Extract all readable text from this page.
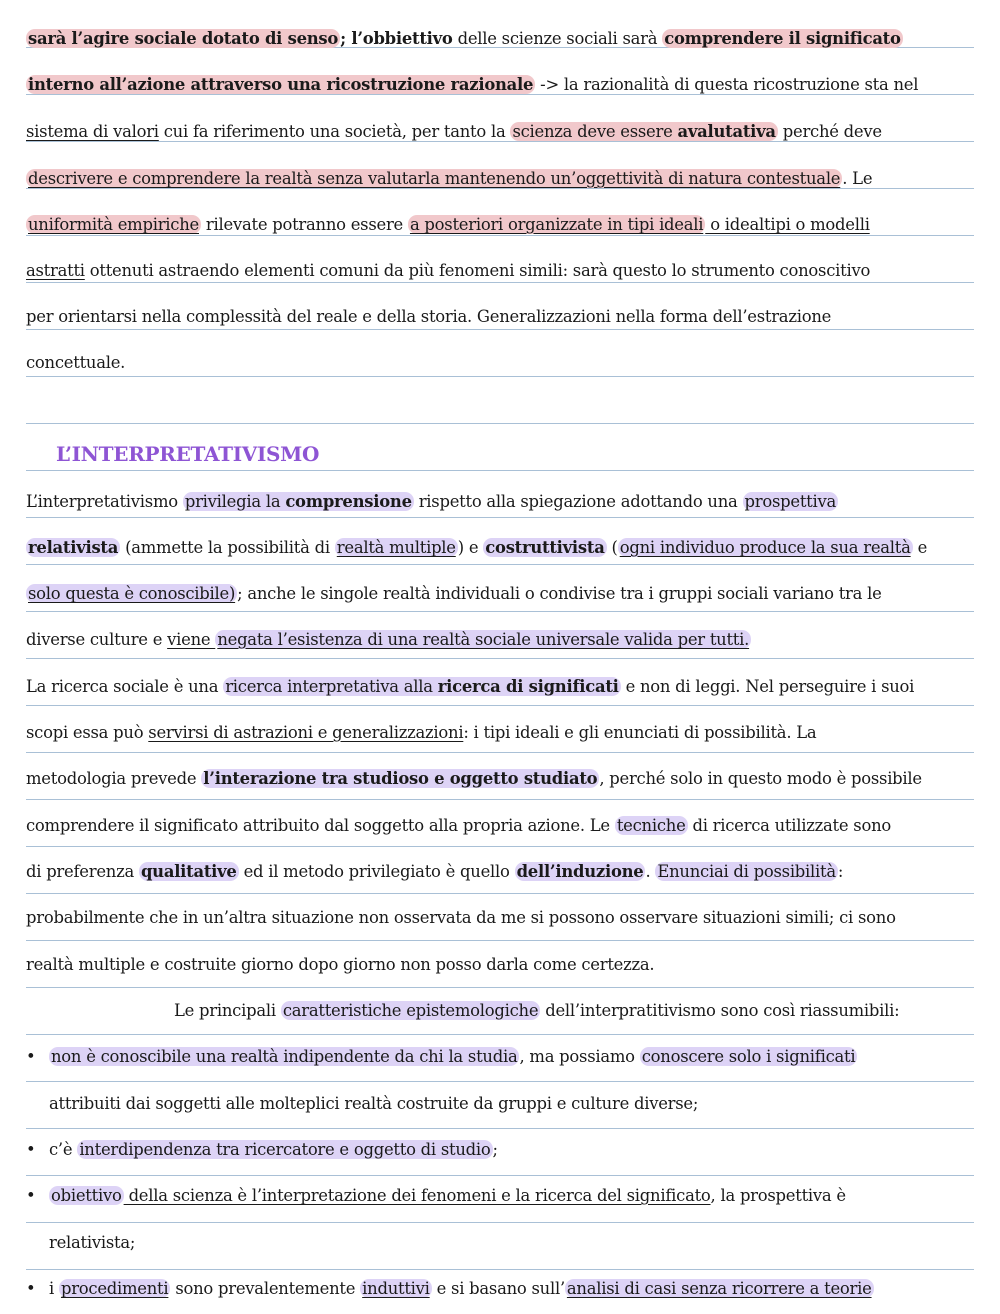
sarà l’agire sociale dotato di senso ; l’obbiettivo delle scienze sociali sarà comprendere il significato
interno all’azione attraverso una ricostruzione razionale -> la razionalità di questa ricostruzione sta nel
sistema di valori cui fa riferimento una società, per tanto la scienza deve essere avalutativa perché deve
descrivere e comprendere la realtà senza valutarla mantenendo un’oggettività di natura contestuale . Le
uniformità empiriche rilevate potranno essere a posteriori organizzate in tipi ideali o idealtipi o modelli
astratti ottenuti astraendo elementi comuni da più fenomeni simili: sarà questo lo strumento conoscitivo
per orientarsi nella complessità del reale e della storia. Generalizzazioni nella forma dell’estrazione
concettuale.
L’INTERPRETATIVISMO
L’interpretativismo privilegia la comprensione rispetto alla spiegazione adottando una prospettiva
relativista (ammette la possibilità di realtà multiple ) e costruttivista ( ogni individuo produce la sua realtà e
solo questa è conoscibile) ; anche le singole realtà individuali o condivise tra i gruppi sociali variano tra le
diverse culture e viene negata l’esistenza di una realtà sociale universale valida per tutti.
La ricerca sociale è una ricerca interpretativa alla ricerca di significati e non di leggi. Nel perseguire i suoi
scopi essa può servirsi di astrazioni e generalizzazioni: i tipi ideali e gli enunciati di possibilità. La
metodologia prevede l’interazione tra studioso e oggetto studiato , perché solo in questo modo è possibile
comprendere il significato attribuito dal soggetto alla propria azione. Le tecniche di ricerca utilizzate sono
di preferenza qualitative ed il metodo privilegiato è quello dell’induzione . Enunciai di possibilità :
probabilmente che in un’altra situazione non osservata da me si possono osservare situazioni simili; ci sono
realtà multiple e costruite giorno dopo giorno non posso darla come certezza.
Le principali caratteristiche epistemologiche dell’interpratitivismo sono così riassumibili:
• non è conoscibile una realtà indipendente da chi la studia , ma possiamo conoscere solo i significati
attribuiti dai soggetti alle molteplici realtà costruite da gruppi e culture diverse;
• c’è interdipendenza tra ricercatore e oggetto di studio ;
• obiettivo della scienza è l’interpretazione dei fenomeni e la ricerca del significato, la prospettiva è
relativista;
• i procedimenti sono prevalentemente induttivi e si basano sull’ analisi di casi senza ricorrere a teorie
